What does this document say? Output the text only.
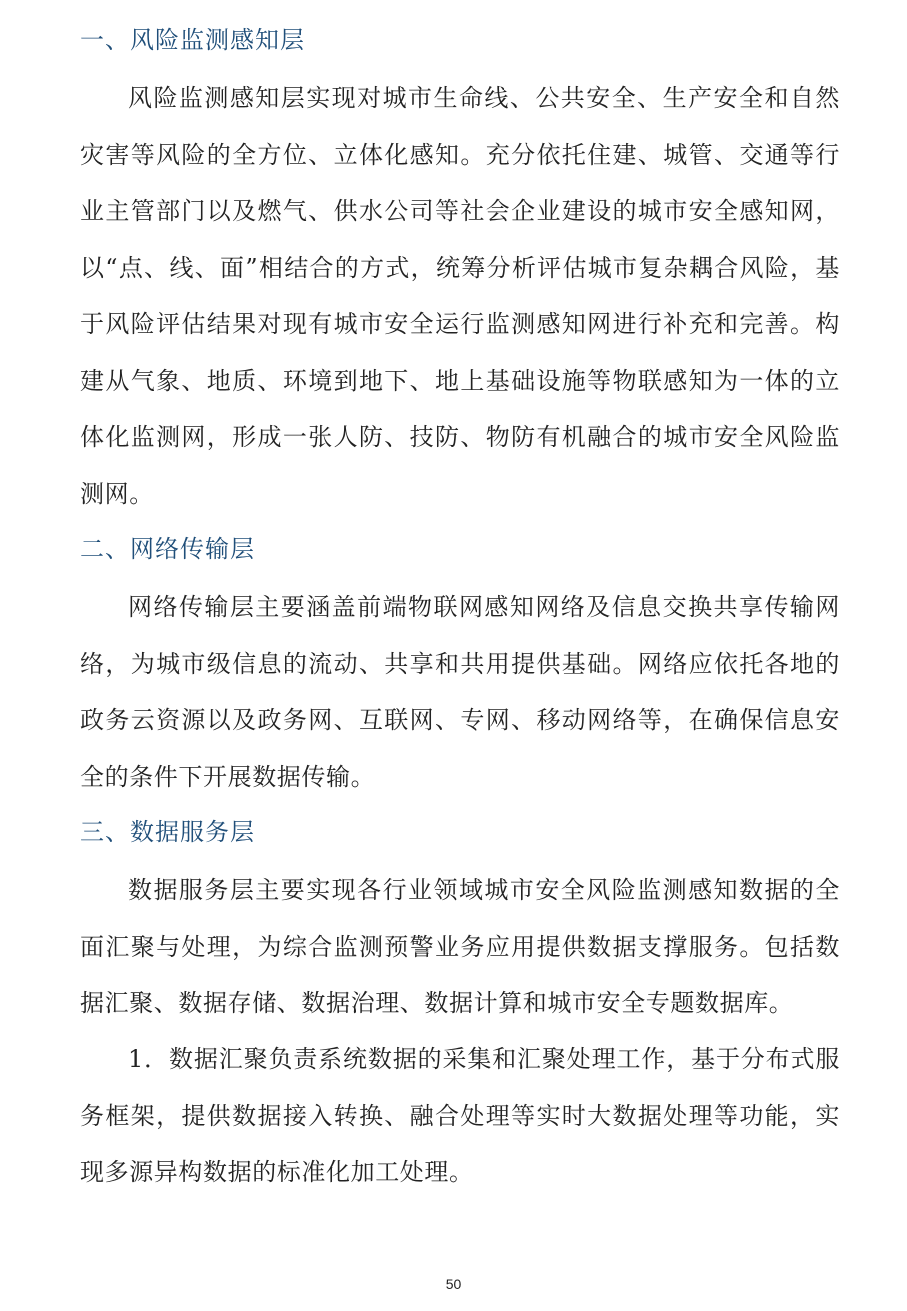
一、风险监测感知层

风险监测感知层实现对城市生命线、公共安全、生产安全和自然灾害等风险的全方位、立体化感知。充分依托住建、城管、交通等行业主管部门以及燃气、供水公司等社会企业建设的城市安全感知网，以“点、线、面”相结合的方式，统筹分析评估城市复杂耦合风险，基于风险评估结果对现有城市安全运行监测感知网进行补充和完善。构建从气象、地质、环境到地下、地上基础设施等物联感知为一体的立体化监测网，形成一张人防、技防、物防有机融合的城市安全风险监测网。

二、网络传输层

网络传输层主要涵盖前端物联网感知网络及信息交换共享传输网络，为城市级信息的流动、共享和共用提供基础。网络应依托各地的政务云资源以及政务网、互联网、专网、移动网络等，在确保信息安全的条件下开展数据传输。

三、数据服务层

数据服务层主要实现各行业领域城市安全风险监测感知数据的全面汇聚与处理，为综合监测预警业务应用提供数据支撑服务。包括数据汇聚、数据存储、数据治理、数据计算和城市安全专题数据库。

1．数据汇聚负责系统数据的采集和汇聚处理工作，基于分布式服务框架，提供数据接入转换、融合处理等实时大数据处理等功能，实现多源异构数据的标准化加工处理。

50
